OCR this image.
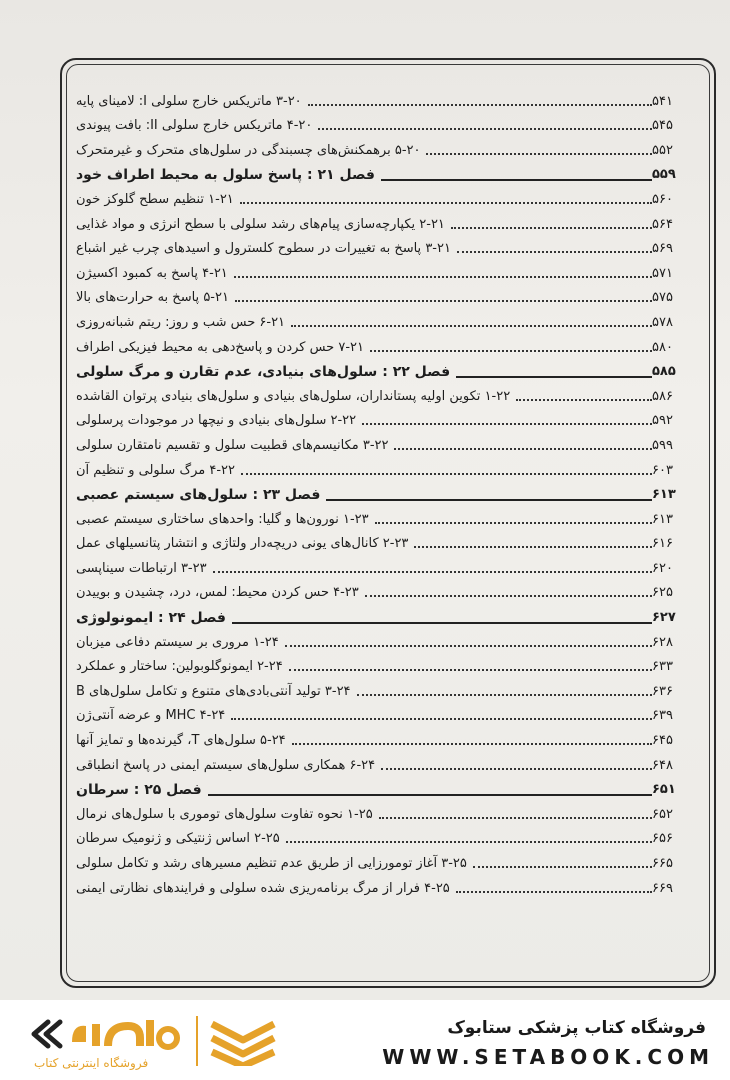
۳-۲۰ ماتریکس خارج سلولی I: لامینای پایه	۵۴۱
۴-۲۰ ماتریکس خارج سلولی II: بافت پیوندی	۵۴۵
۵-۲۰ برهمکنش‌های چسبندگی در سلول‌های متحرک و غیرمتحرک	۵۵۲
فصل ۲۱ : پاسخ سلول به محیط اطراف خود	۵۵۹
۱-۲۱ تنظیم سطح گلوکز خون	۵۶۰
۲-۲۱ یکپارچه‌سازی پیام‌های رشد سلولی با سطح انرژی و مواد غذایی	۵۶۴
۳-۲۱ پاسخ به تغییرات در سطوح کلسترول و اسیدهای چرب غیر اشباع	۵۶۹
۴-۲۱ پاسخ به کمبود اکسیژن	۵۷۱
۵-۲۱ پاسخ به حرارت‌های بالا	۵۷۵
۶-۲۱ حس شب و روز: ریتم شبانه‌روزی	۵۷۸
۷-۲۱ حس کردن و پاسخ‌دهی به محیط فیزیکی اطراف	۵۸۰
فصل ۲۲ : سلول‌های بنیادی، عدم تقارن و مرگ سلولی	۵۸۵
۱-۲۲ تکوین اولیه پستانداران، سلول‌های بنیادی و سلول‌های بنیادی پرتوان القاشده	۵۸۶
۲-۲۲ سلول‌های بنیادی و نیچها در موجودات پرسلولی	۵۹۲
۳-۲۲ مکانیسم‌های قطبیت سلول و تقسیم نامتقارن سلولی	۵۹۹
۴-۲۲ مرگ سلولی و تنظیم آن	۶۰۳
فصل ۲۳ : سلول‌های سیستم عصبی	۶۱۳
۱-۲۳ نورون‌ها و گلیا: واحدهای ساختاری سیستم عصبی	۶۱۳
۲-۲۳ کانال‌های یونی دریچه‌دار ولتاژی و انتشار پتانسیلهای عمل	۶۱۶
۳-۲۳ ارتباطات سیناپسی	۶۲۰
۴-۲۳ حس کردن محیط: لمس، درد، چشیدن و بوییدن	۶۲۵
فصل ۲۴ : ایمونولوژی	۶۲۷
۱-۲۴ مروری بر سیستم دفاعی میزبان	۶۲۸
۲-۲۴ ایمونوگلوبولین: ساختار و عملکرد	۶۳۳
۳-۲۴ تولید آنتی‌بادی‌های متنوع و تکامل سلول‌های B	۶۳۶
۴-۲۴ MHC و عرضه آنتی‌ژن	۶۳۹
۵-۲۴ سلول‌های T، گیرنده‌ها و تمایز آنها	۶۴۵
۶-۲۴ همکاری سلول‌های سیستم ایمنی در پاسخ انطباقی	۶۴۸
فصل ۲۵ : سرطان	۶۵۱
۱-۲۵ نحوه تفاوت سلول‌های توموری با سلول‌های نرمال	۶۵۲
۲-۲۵ اساس ژنتیکی و ژنومیک سرطان	۶۵۶
۳-۲۵ آغاز تومورزایی از طریق عدم تنظیم مسیرهای رشد و تکامل سلولی	۶۶۵
۴-۲۵ فرار از مرگ برنامه‌ریزی شده سلولی و فرایندهای نظارتی ایمنی	۶۶۹
فروشگاه اینترنتی کتاب
فروشگاه کتاب پزشکی ستابوک
WWW.SETABOOK.COM
